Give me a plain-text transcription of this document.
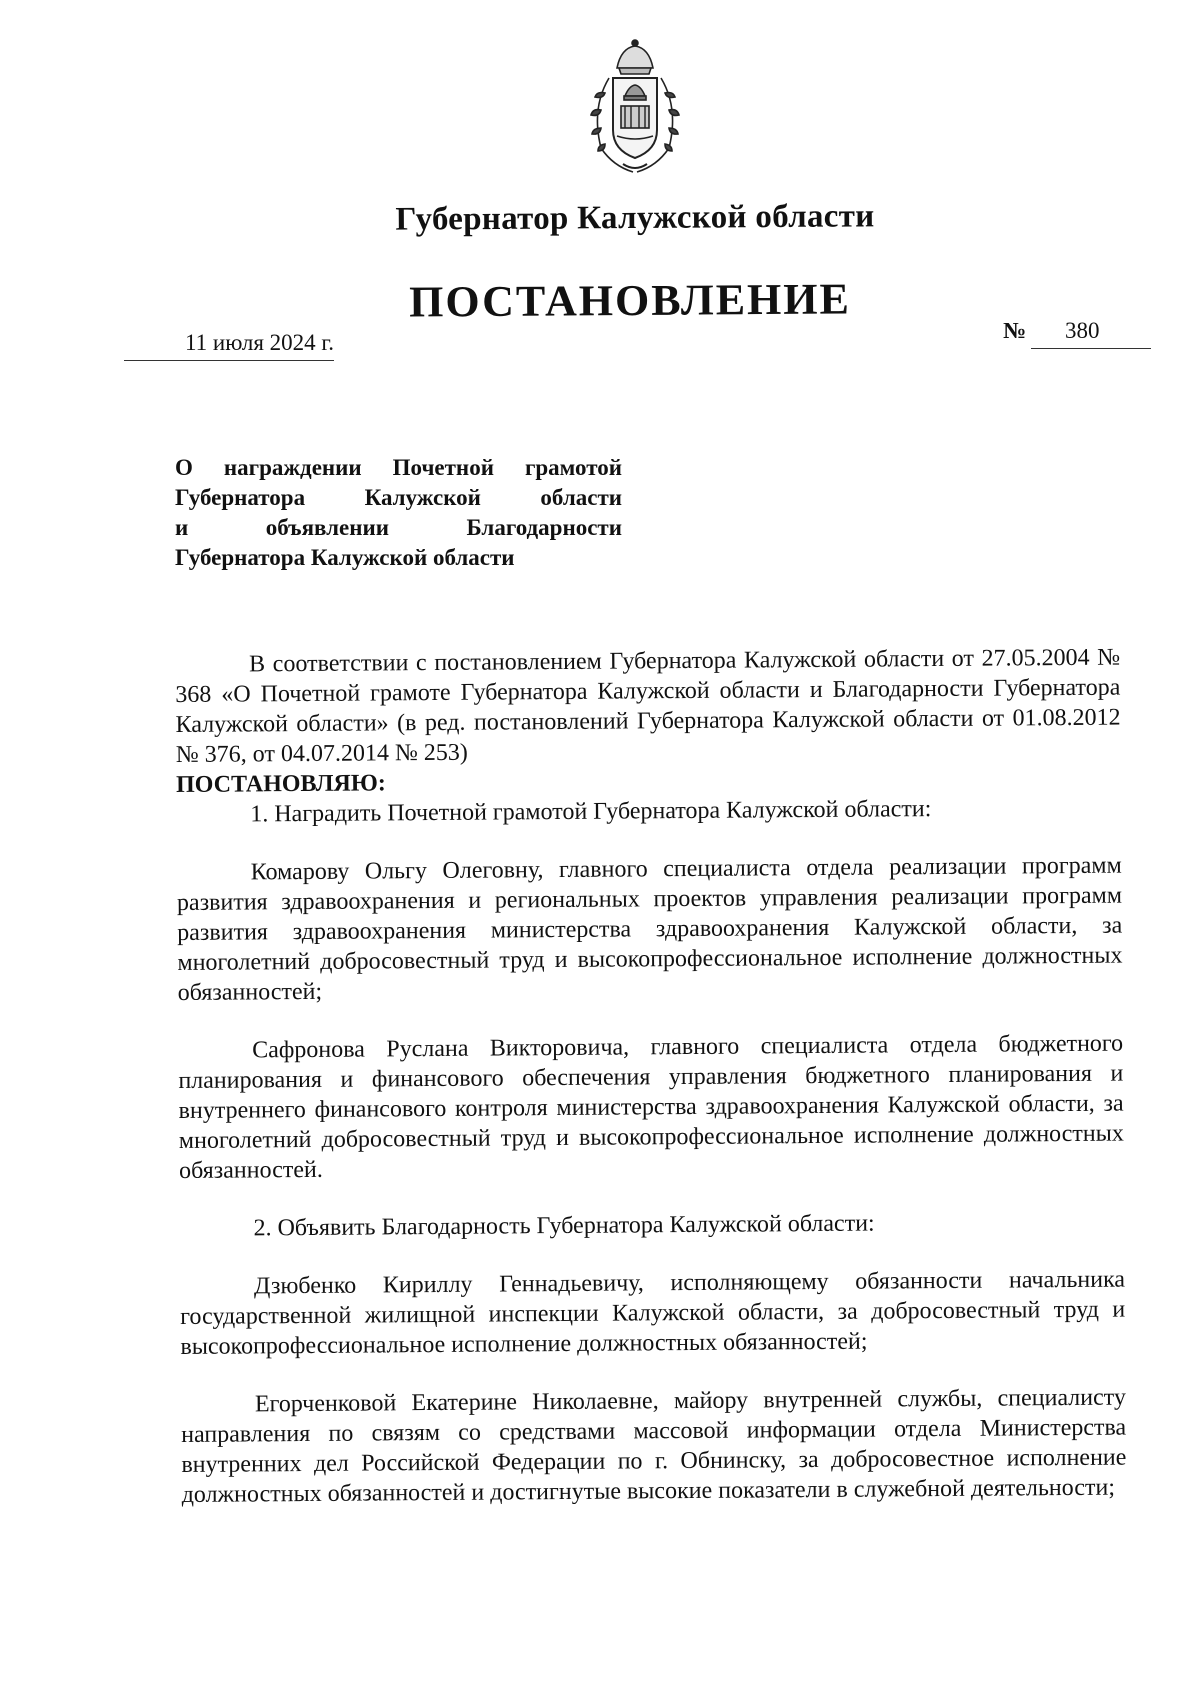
Губернатор Калужской области
ПОСТАНОВЛЕНИЕ
11 июля 2024 г.	№ 380
О награждении Почетной грамотой
Губернатора Калужской области
и объявлении Благодарности
Губернатора Калужской области

В соответствии с постановлением Губернатора Калужской области от 27.05.2004 № 368 «О Почетной грамоте Губернатора Калужской области и Благодарности Губернатора Калужской области» (в ред. постановлений Губернатора Калужской области от 01.08.2012 № 376, от 04.07.2014 № 253)

ПОСТАНОВЛЯЮ:

1. Наградить Почетной грамотой Губернатора Калужской области:

Комарову Ольгу Олеговну, главного специалиста отдела реализации программ развития здравоохранения и региональных проектов управления реализации программ развития здравоохранения министерства здравоохранения Калужской области, за многолетний добросовестный труд и высокопрофессиональное исполнение должностных обязанностей;

Сафронова Руслана Викторовича, главного специалиста отдела бюджетного планирования и финансового обеспечения управления бюджетного планирования и внутреннего финансового контроля министерства здравоохранения Калужской области, за многолетний добросовестный труд и высокопрофессиональное исполнение должностных обязанностей.

2. Объявить Благодарность Губернатора Калужской области:

Дзюбенко Кириллу Геннадьевичу, исполняющему обязанности начальника государственной жилищной инспекции Калужской области, за добросовестный труд и высокопрофессиональное исполнение должностных обязанностей;

Егорченковой Екатерине Николаевне, майору внутренней службы, специалисту направления по связям со средствами массовой информации отдела Министерства внутренних дел Российской Федерации по г. Обнинску, за добросовестное исполнение должностных обязанностей и достигнутые высокие показатели в служебной деятельности;
